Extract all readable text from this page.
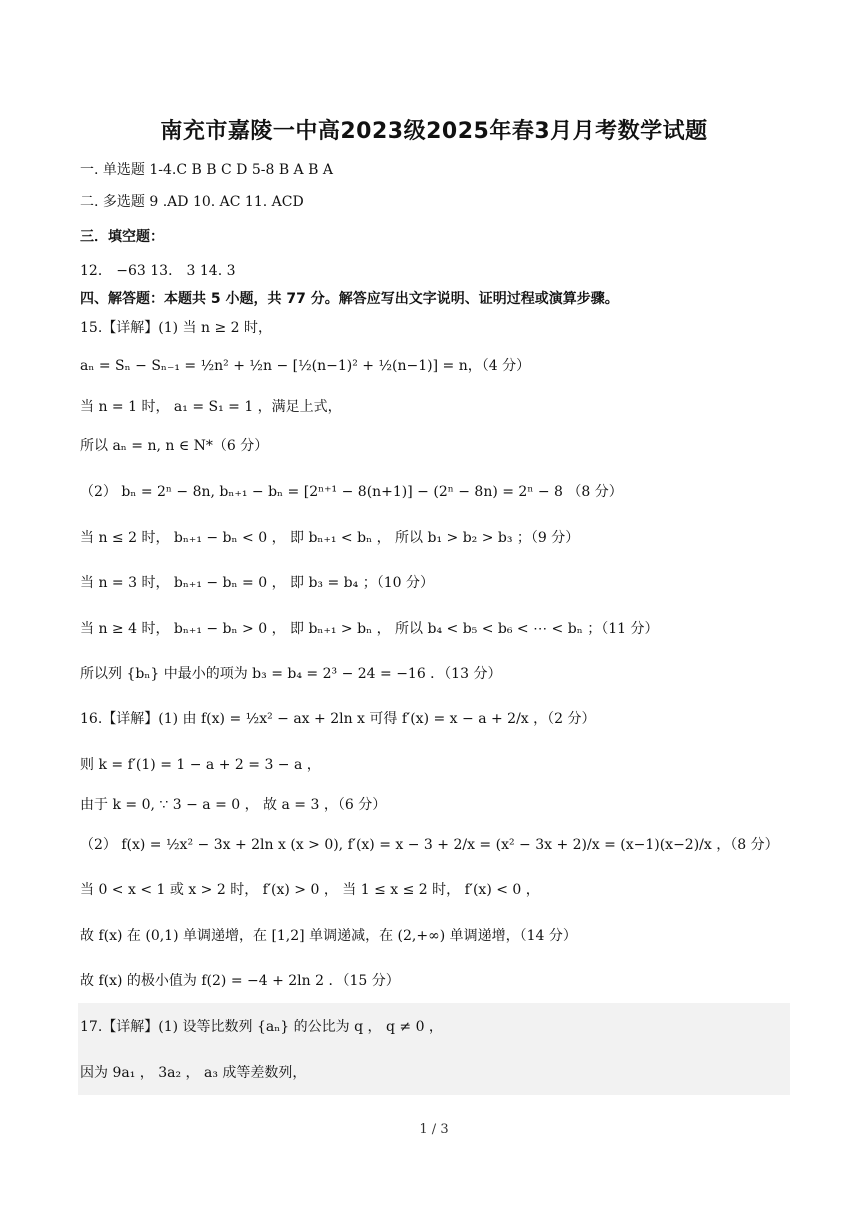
南充市嘉陵一中高2023级2025年春3月月考数学试题
一. 单选题 1-4.C B B C D 5-8 B A B A
二. 多选题 9 .AD 10. AC 11. ACD
三．填空题：
12． −63 13． 3 14. 3
四、解答题：本题共 5 小题，共 77 分。解答应写出文字说明、证明过程或演算步骤。
15.【详解】(1) 当 n ≥ 2 时，
aₙ = Sₙ − Sₙ₋₁ = ½n² + ½n − [½(n−1)² + ½(n−1)] = n，（4 分）
当 n = 1 时， a₁ = S₁ = 1 ，满足上式，
所以 aₙ = n, n ∈ N*（6 分）
（2） bₙ = 2ⁿ − 8n, bₙ₊₁ − bₙ = [2ⁿ⁺¹ − 8(n+1)] − (2ⁿ − 8n) = 2ⁿ − 8 （8 分）
当 n ≤ 2 时， bₙ₊₁ − bₙ < 0 ， 即 bₙ₊₁ < bₙ ， 所以 b₁ > b₂ > b₃ ；（9 分）
当 n = 3 时， bₙ₊₁ − bₙ = 0 ， 即 b₃ = b₄ ；（10 分）
当 n ≥ 4 时， bₙ₊₁ − bₙ > 0 ， 即 bₙ₊₁ > bₙ ， 所以 b₄ < b₅ < b₆ < ⋯ < bₙ ；（11 分）
所以列 {bₙ} 中最小的项为 b₃ = b₄ = 2³ − 24 = −16 ．（13 分）
16.【详解】(1) 由 f(x) = ½x² − ax + 2ln x 可得 f′(x) = x − a + 2/x ，（2 分）
则 k = f′(1) = 1 − a + 2 = 3 − a ，
由于 k = 0, ∵ 3 − a = 0 ， 故 a = 3 ，（6 分）
（2） f(x) = ½x² − 3x + 2ln x (x > 0), f′(x) = x − 3 + 2/x = (x² − 3x + 2)/x = (x−1)(x−2)/x ，（8 分）
当 0 < x < 1 或 x > 2 时， f′(x) > 0 ， 当 1 ≤ x ≤ 2 时， f′(x) < 0 ，
故 f(x) 在 (0,1) 单调递增，在 [1,2] 单调递减，在 (2,+∞) 单调递增，（14 分）
故 f(x) 的极小值为 f(2) = −4 + 2ln 2 ．（15 分）
17.【详解】(1) 设等比数列 {aₙ} 的公比为 q ， q ≠ 0 ，
因为 9a₁ ， 3a₂ ， a₃ 成等差数列，
1 / 3
